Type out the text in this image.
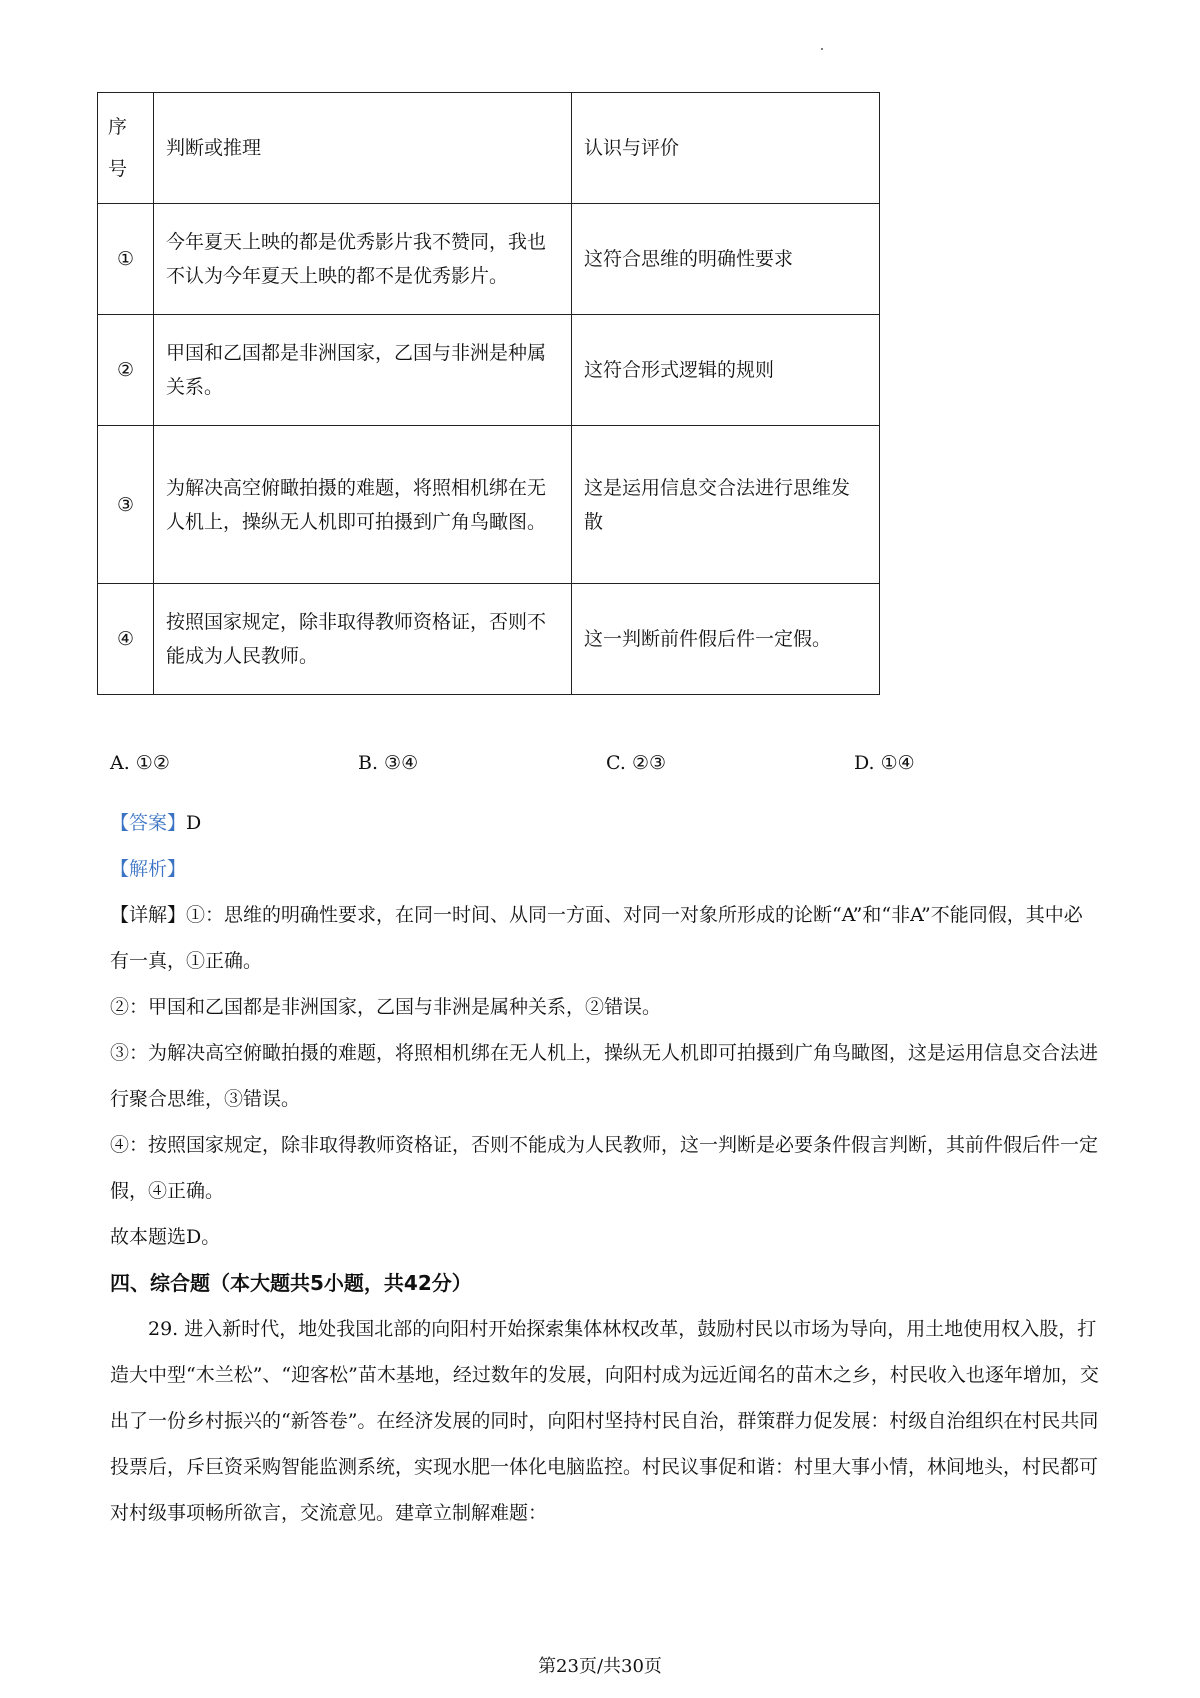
序号	判断或推理	认识与评价
①	今年夏天上映的都是优秀影片我不赞同，我也不认为今年夏天上映的都不是优秀影片。	这符合思维的明确性要求
②	甲国和乙国都是非洲国家，乙国与非洲是种属关系。	这符合形式逻辑的规则
③	为解决高空俯瞰拍摄的难题，将照相机绑在无人机上，操纵无人机即可拍摄到广角鸟瞰图。	这是运用信息交合法进行思维发散
④	按照国家规定，除非取得教师资格证，否则不能成为人民教师。	这一判断前件假后件一定假。
A. ①②	B. ③④	C. ②③	D. ①④

【答案】D

【解析】

【详解】①：思维的明确性要求，在同一时间、从同一方面、对同一对象所形成的论断“A”和“非A”不能同假，其中必有一真，①正确。

②：甲国和乙国都是非洲国家，乙国与非洲是属种关系，②错误。

③：为解决高空俯瞰拍摄的难题，将照相机绑在无人机上，操纵无人机即可拍摄到广角鸟瞰图，这是运用信息交合法进行聚合思维，③错误。

④：按照国家规定，除非取得教师资格证，否则不能成为人民教师，这一判断是必要条件假言判断，其前件假后件一定假，④正确。

故本题选D。

四、综合题（本大题共5小题，共42分）

29. 进入新时代，地处我国北部的向阳村开始探索集体林权改革，鼓励村民以市场为导向，用土地使用权入股，打造大中型“木兰松”、“迎客松”苗木基地，经过数年的发展，向阳村成为远近闻名的苗木之乡，村民收入也逐年增加，交出了一份乡村振兴的“新答卷”。在经济发展的同时，向阳村坚持村民自治，群策群力促发展：村级自治组织在村民共同投票后，斥巨资采购智能监测系统，实现水肥一体化电脑监控。村民议事促和谐：村里大事小情，林间地头，村民都可对村级事项畅所欲言，交流意见。建章立制解难题：

第23页/共30页
